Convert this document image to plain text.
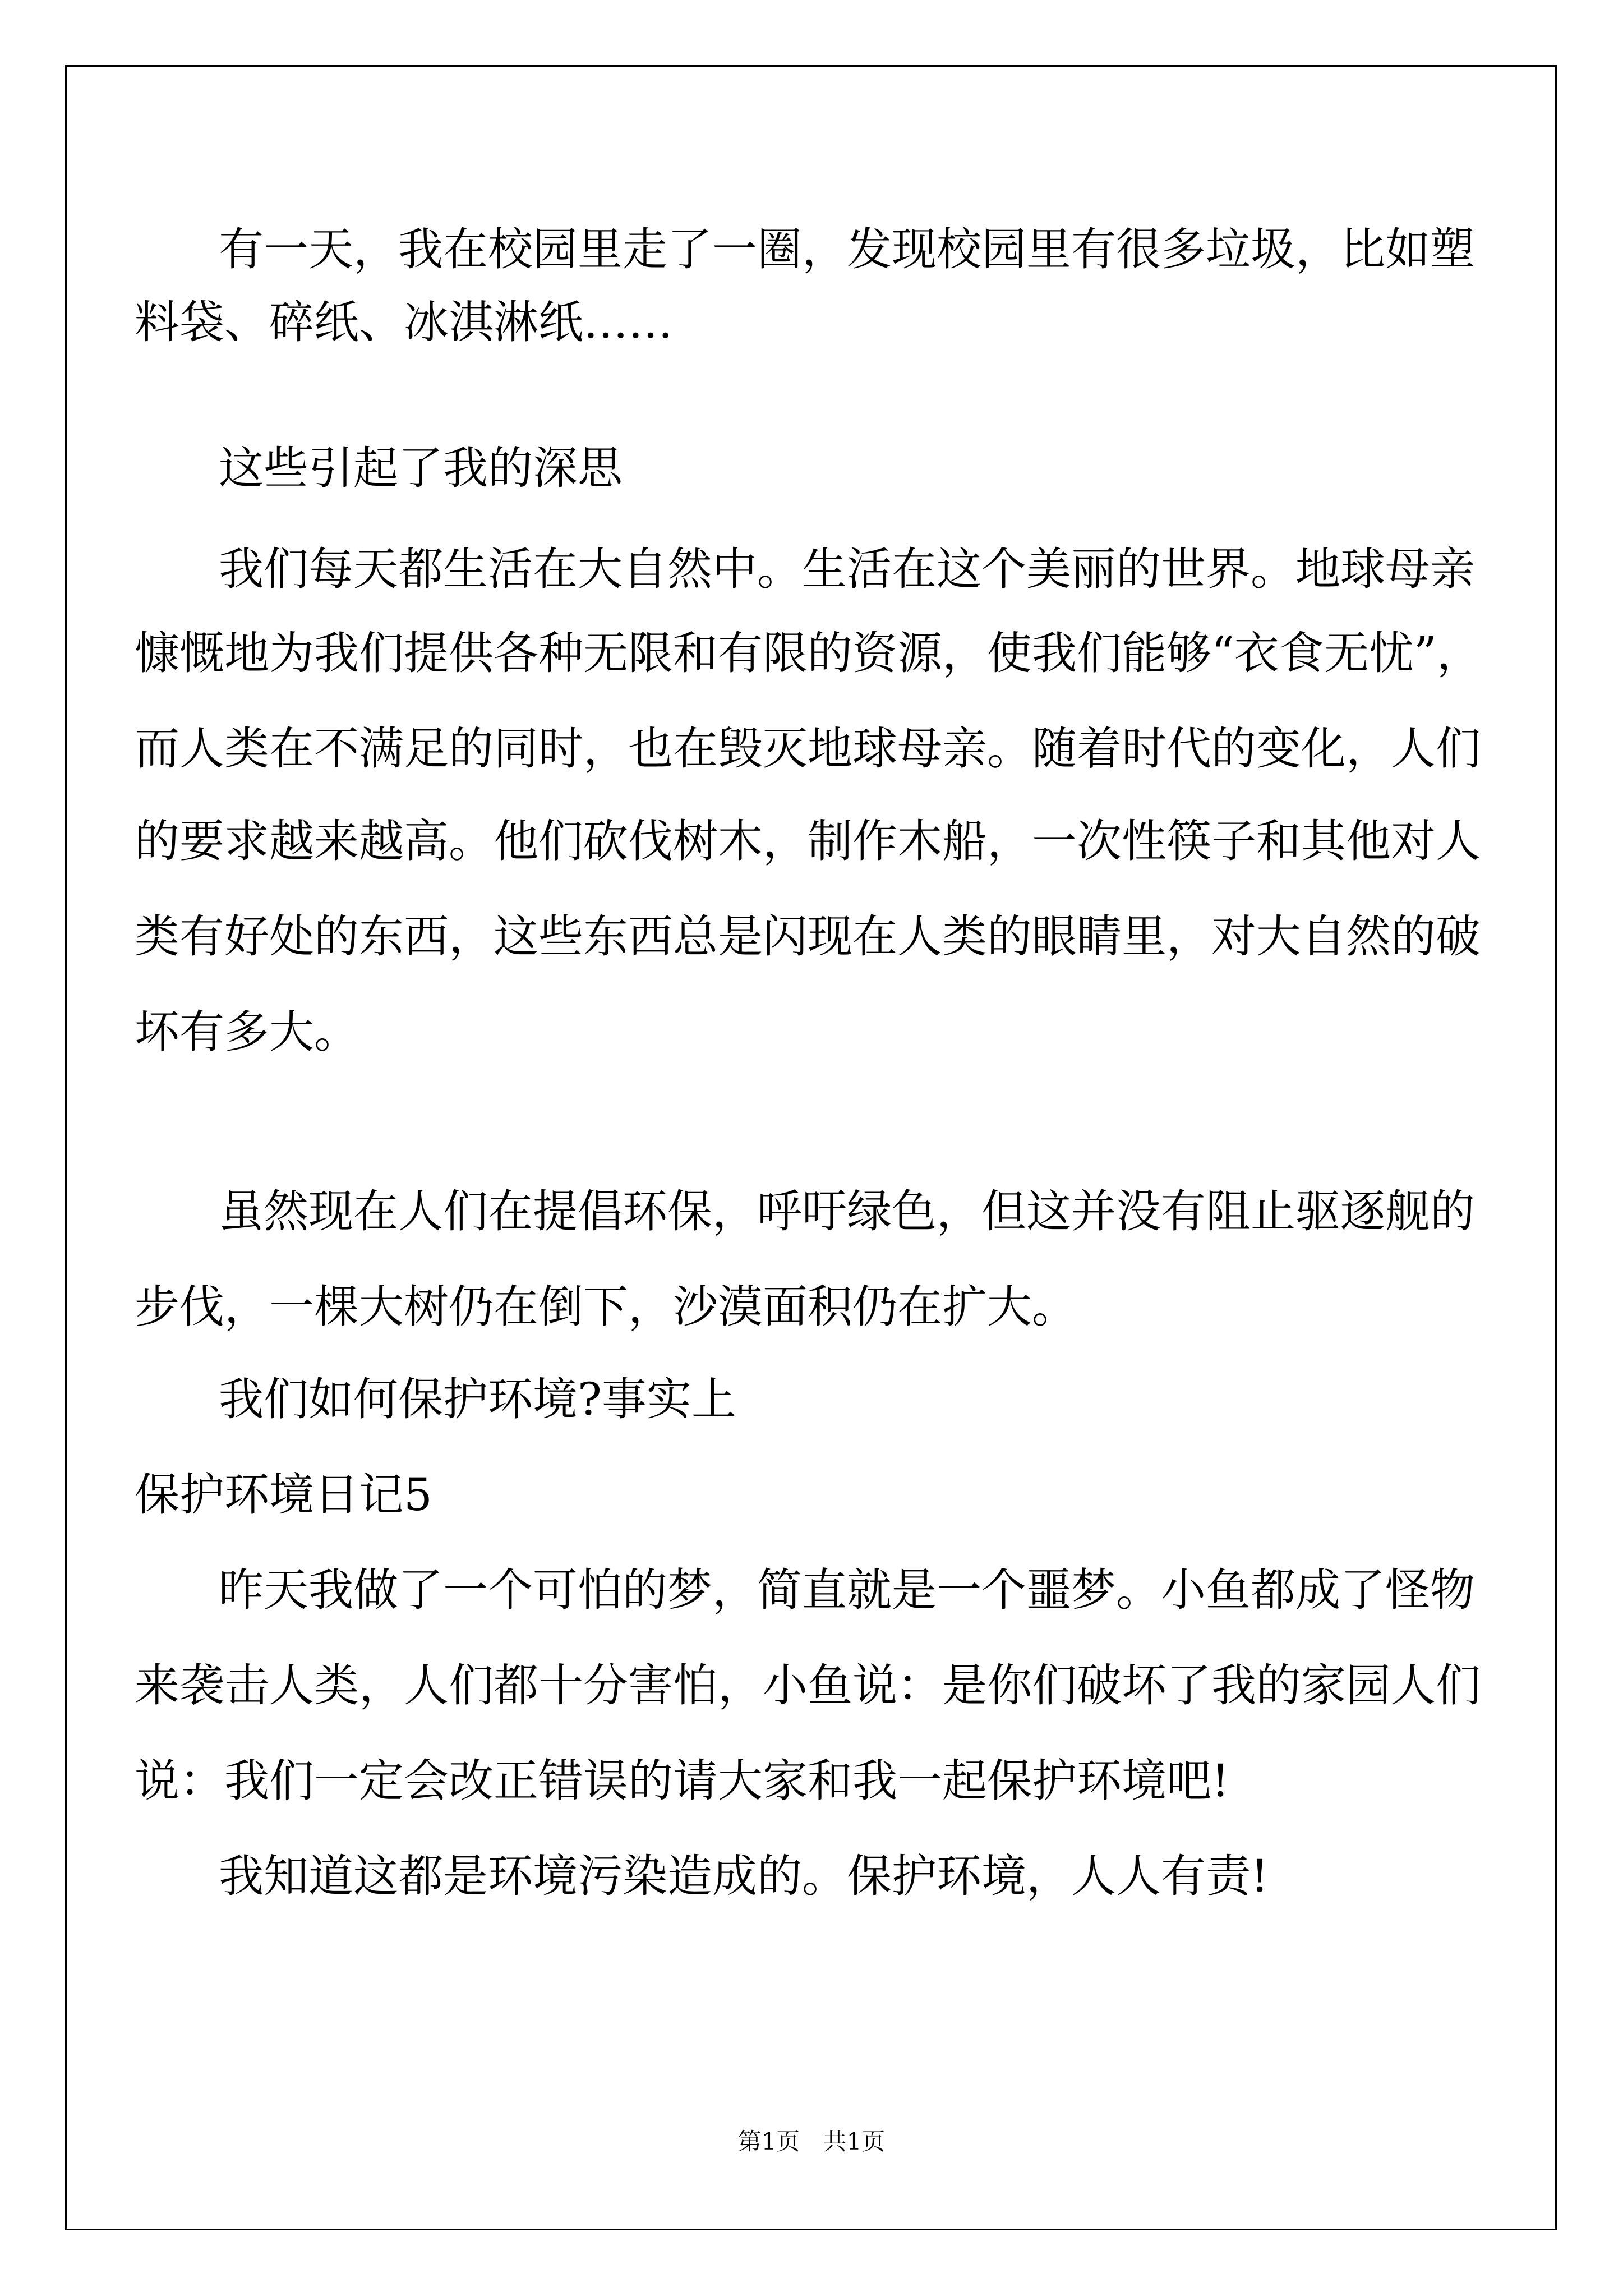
有一天，我在校园里走了一圈，发现校园里有很多垃圾，比如塑
料袋、碎纸、冰淇淋纸……
这些引起了我的深思
我们每天都生活在大自然中。生活在这个美丽的世界。地球母亲
慷慨地为我们提供各种无限和有限的资源，使我们能够“衣食无忧”，
而人类在不满足的同时，也在毁灭地球母亲。随着时代的变化，人们
的要求越来越高。他们砍伐树木，制作木船，一次性筷子和其他对人
类有好处的东西，这些东西总是闪现在人类的眼睛里，对大自然的破
坏有多大。
虽然现在人们在提倡环保，呼吁绿色，但这并没有阻止驱逐舰的
步伐，一棵大树仍在倒下，沙漠面积仍在扩大。
我们如何保护环境?事实上
保护环境日记5
昨天我做了一个可怕的梦，简直就是一个噩梦。小鱼都成了怪物
来袭击人类，人们都十分害怕，小鱼说：是你们破坏了我的家园人们
说：我们一定会改正错误的请大家和我一起保护环境吧!
我知道这都是环境污染造成的。保护环境，人人有责!
第1页 共1页
